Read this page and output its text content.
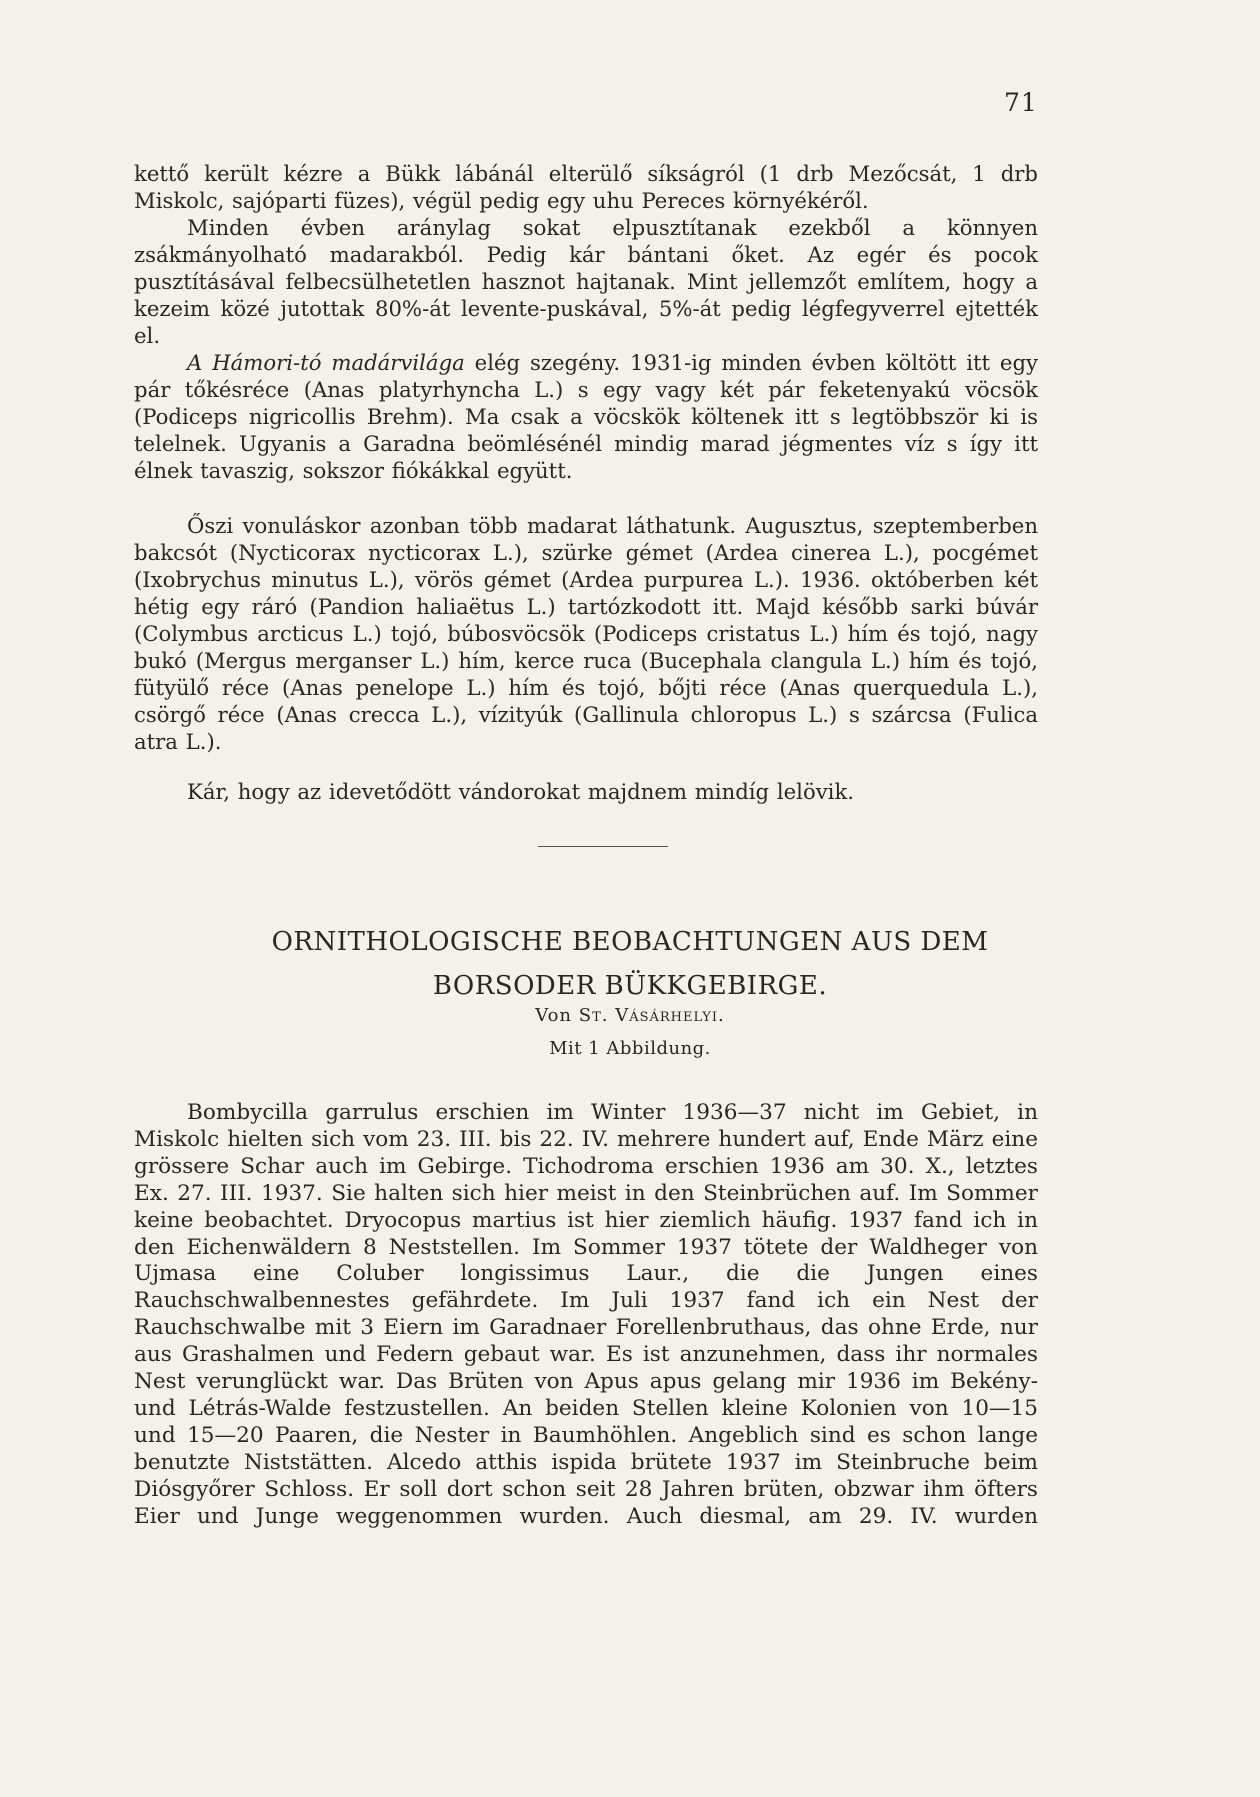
71

kettő került kézre a Bükk lábánál elterülő síkságról (1 drb Mezőcsát, 1 drb Miskolc, sajóparti füzes), végül pedig egy uhu Pereces környékéről.

Minden évben aránylag sokat elpusztítanak ezekből a könnyen zsákmányolható madarakból. Pedig kár bántani őket. Az egér és pocok pusztításával felbecsülhetetlen hasznot hajtanak. Mint jellemzőt említem, hogy a kezeim közé jutottak 80%-át levente-puskával, 5%-át pedig légfegyverrel ejtették el.

A Hámori-tó madárvilága elég szegény. 1931-ig minden évben költött itt egy pár tőkésréce (Anas platyrhyncha L.) s egy vagy két pár feketenyakú vöcsök (Podiceps nigricollis Brehm). Ma csak a vöcskök költenek itt s legtöbbször ki is telelnek. Ugyanis a Garadna beömlésénél mindig marad jégmentes víz s így itt élnek tavaszig, sokszor fiókákkal együtt.

Őszi vonuláskor azonban több madarat láthatunk. Augusztus, szeptemberben bakcsót (Nycticorax nycticorax L.), szürke gémet (Ardea cinerea L.), pocgémet (Ixobrychus minutus L.), vörös gémet (Ardea purpurea L.). 1936. októberben két hétig egy ráró (Pandion haliaëtus L.) tartózkodott itt. Majd később sarki búvár (Colymbus arcticus L.) tojó, búbosvöcsök (Podiceps cristatus L.) hím és tojó, nagy bukó (Mergus merganser L.) hím, kerce ruca (Bucephala clangula L.) hím és tojó, fütyülő réce (Anas penelope L.) hím és tojó, bőjti réce (Anas querquedula L.), csörgő réce (Anas crecca L.), vízityúk (Gallinula chloropus L.) s szárcsa (Fulica atra L.).

Kár, hogy az idevetődött vándorokat majdnem mindíg lelövik.

ORNITHOLOGISCHE BEOBACHTUNGEN AUS DEM
BORSODER BÜKKGEBIRGE.
Von St. Vásárhelyi.
Mit 1 Abbildung.

Bombycilla garrulus erschien im Winter 1936—37 nicht im Gebiet, in Miskolc hielten sich vom 23. III. bis 22. IV. mehrere hundert auf, Ende März eine grössere Schar auch im Gebirge. Tichodroma erschien 1936 am 30. X., letztes Ex. 27. III. 1937. Sie halten sich hier meist in den Steinbrüchen auf. Im Sommer keine beobachtet. Dryocopus martius ist hier ziemlich häufig. 1937 fand ich in den Eichenwäldern 8 Neststellen. Im Sommer 1937 tötete der Waldheger von Ujmasa eine Coluber longissimus Laur., die die Jungen eines Rauchschwalbennestes gefährdete. Im Juli 1937 fand ich ein Nest der Rauchschwalbe mit 3 Eiern im Garadnaer Forellenbruthaus, das ohne Erde, nur aus Grashalmen und Federn gebaut war. Es ist anzunehmen, dass ihr normales Nest verunglückt war. Das Brüten von Apus apus gelang mir 1936 im Bekény- und Létrás-Walde festzustellen. An beiden Stellen kleine Kolonien von 10—15 und 15—20 Paaren, die Nester in Baumhöhlen. Angeblich sind es schon lange benutzte Niststätten. Alcedo atthis ispida brütete 1937 im Steinbruche beim Diósgyőrer Schloss. Er soll dort schon seit 28 Jahren brüten, obzwar ihm öfters Eier und Junge weggenommen wurden. Auch diesmal, am 29. IV. wurden
